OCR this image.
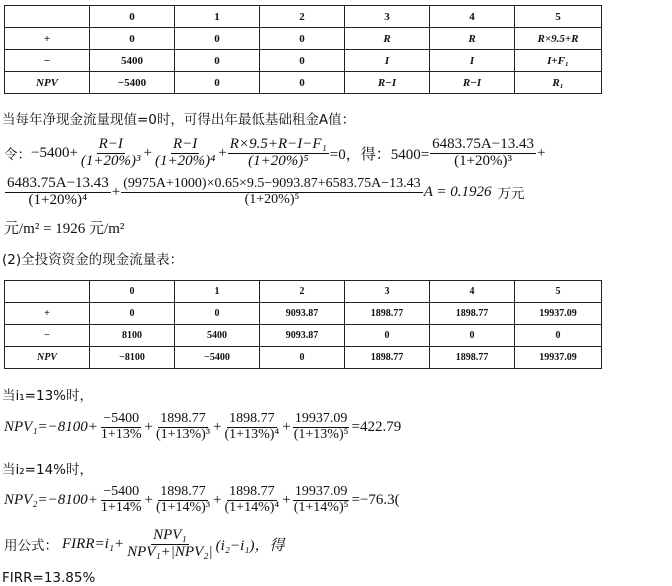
	0	1	2	3	4	5
+	0	0	0	R	R	R×9.5+R
−	5400	0	0	I	I	I+F₁
NPV	−5400	0	0	R−I	R−I	R₁
当每年净现金流量现值=0时，可得出年最低基础租金A值：
令： $-5400+ \frac{R-I}{\text{(1+20\%)³}} + \frac{R-I}{\text{(1+20\%)⁴}} + \frac{\text{R×9.5+R−I−F₁}}{\text{(1+20\%)⁵}} =0$，得：$5400= \frac{6483.75A-13.43}{\text{(1+20\%)³}}$ +
$\frac{6483.75A-13.43}{\text{(1+20\%)⁴}} + \frac{(9975A+1000)\times 0.65\times 9.5-9093.87+6583.75A-13.43}{\text{(1+20\%)⁵}}$ A = 0.1926 万元
元/m² = 1926 元/m²
(2)全投资资金的现金流量表：
	0	1	2	3	4	5
+	0	0	9093.87	1898.77	1898.77	19937.09
−	8100	5400	9093.87	0	0	0
NPV	−8100	−5400	0	1898.77	1898.77	19937.09
当i₁=13%时，
$NPV_1=-8100+ \frac{-5400}{1+13\%} + \frac{1898.77}{\text{(1+13\%)³}} + \frac{1898.77}{\text{(1+13\%)⁴}} + \frac{19937.09}{\text{(1+13\%)⁵}} =422.79$
当i₂=14%时，
$NPV_2=-8100+ \frac{-5400}{1+14\%} + \frac{1898.77}{\text{(1+14\%)³}} + \frac{1898.77}{\text{(1+14\%)⁴}} + \frac{19937.09}{\text{(1+14\%)⁵}} =-76.3$(
用公式： FIRR=i₁+ $\frac{\text{NPV₁}}{\text{NPV₁+|NPV₂|}} (i_2-i_1)$，得
FIRR=13.85%
